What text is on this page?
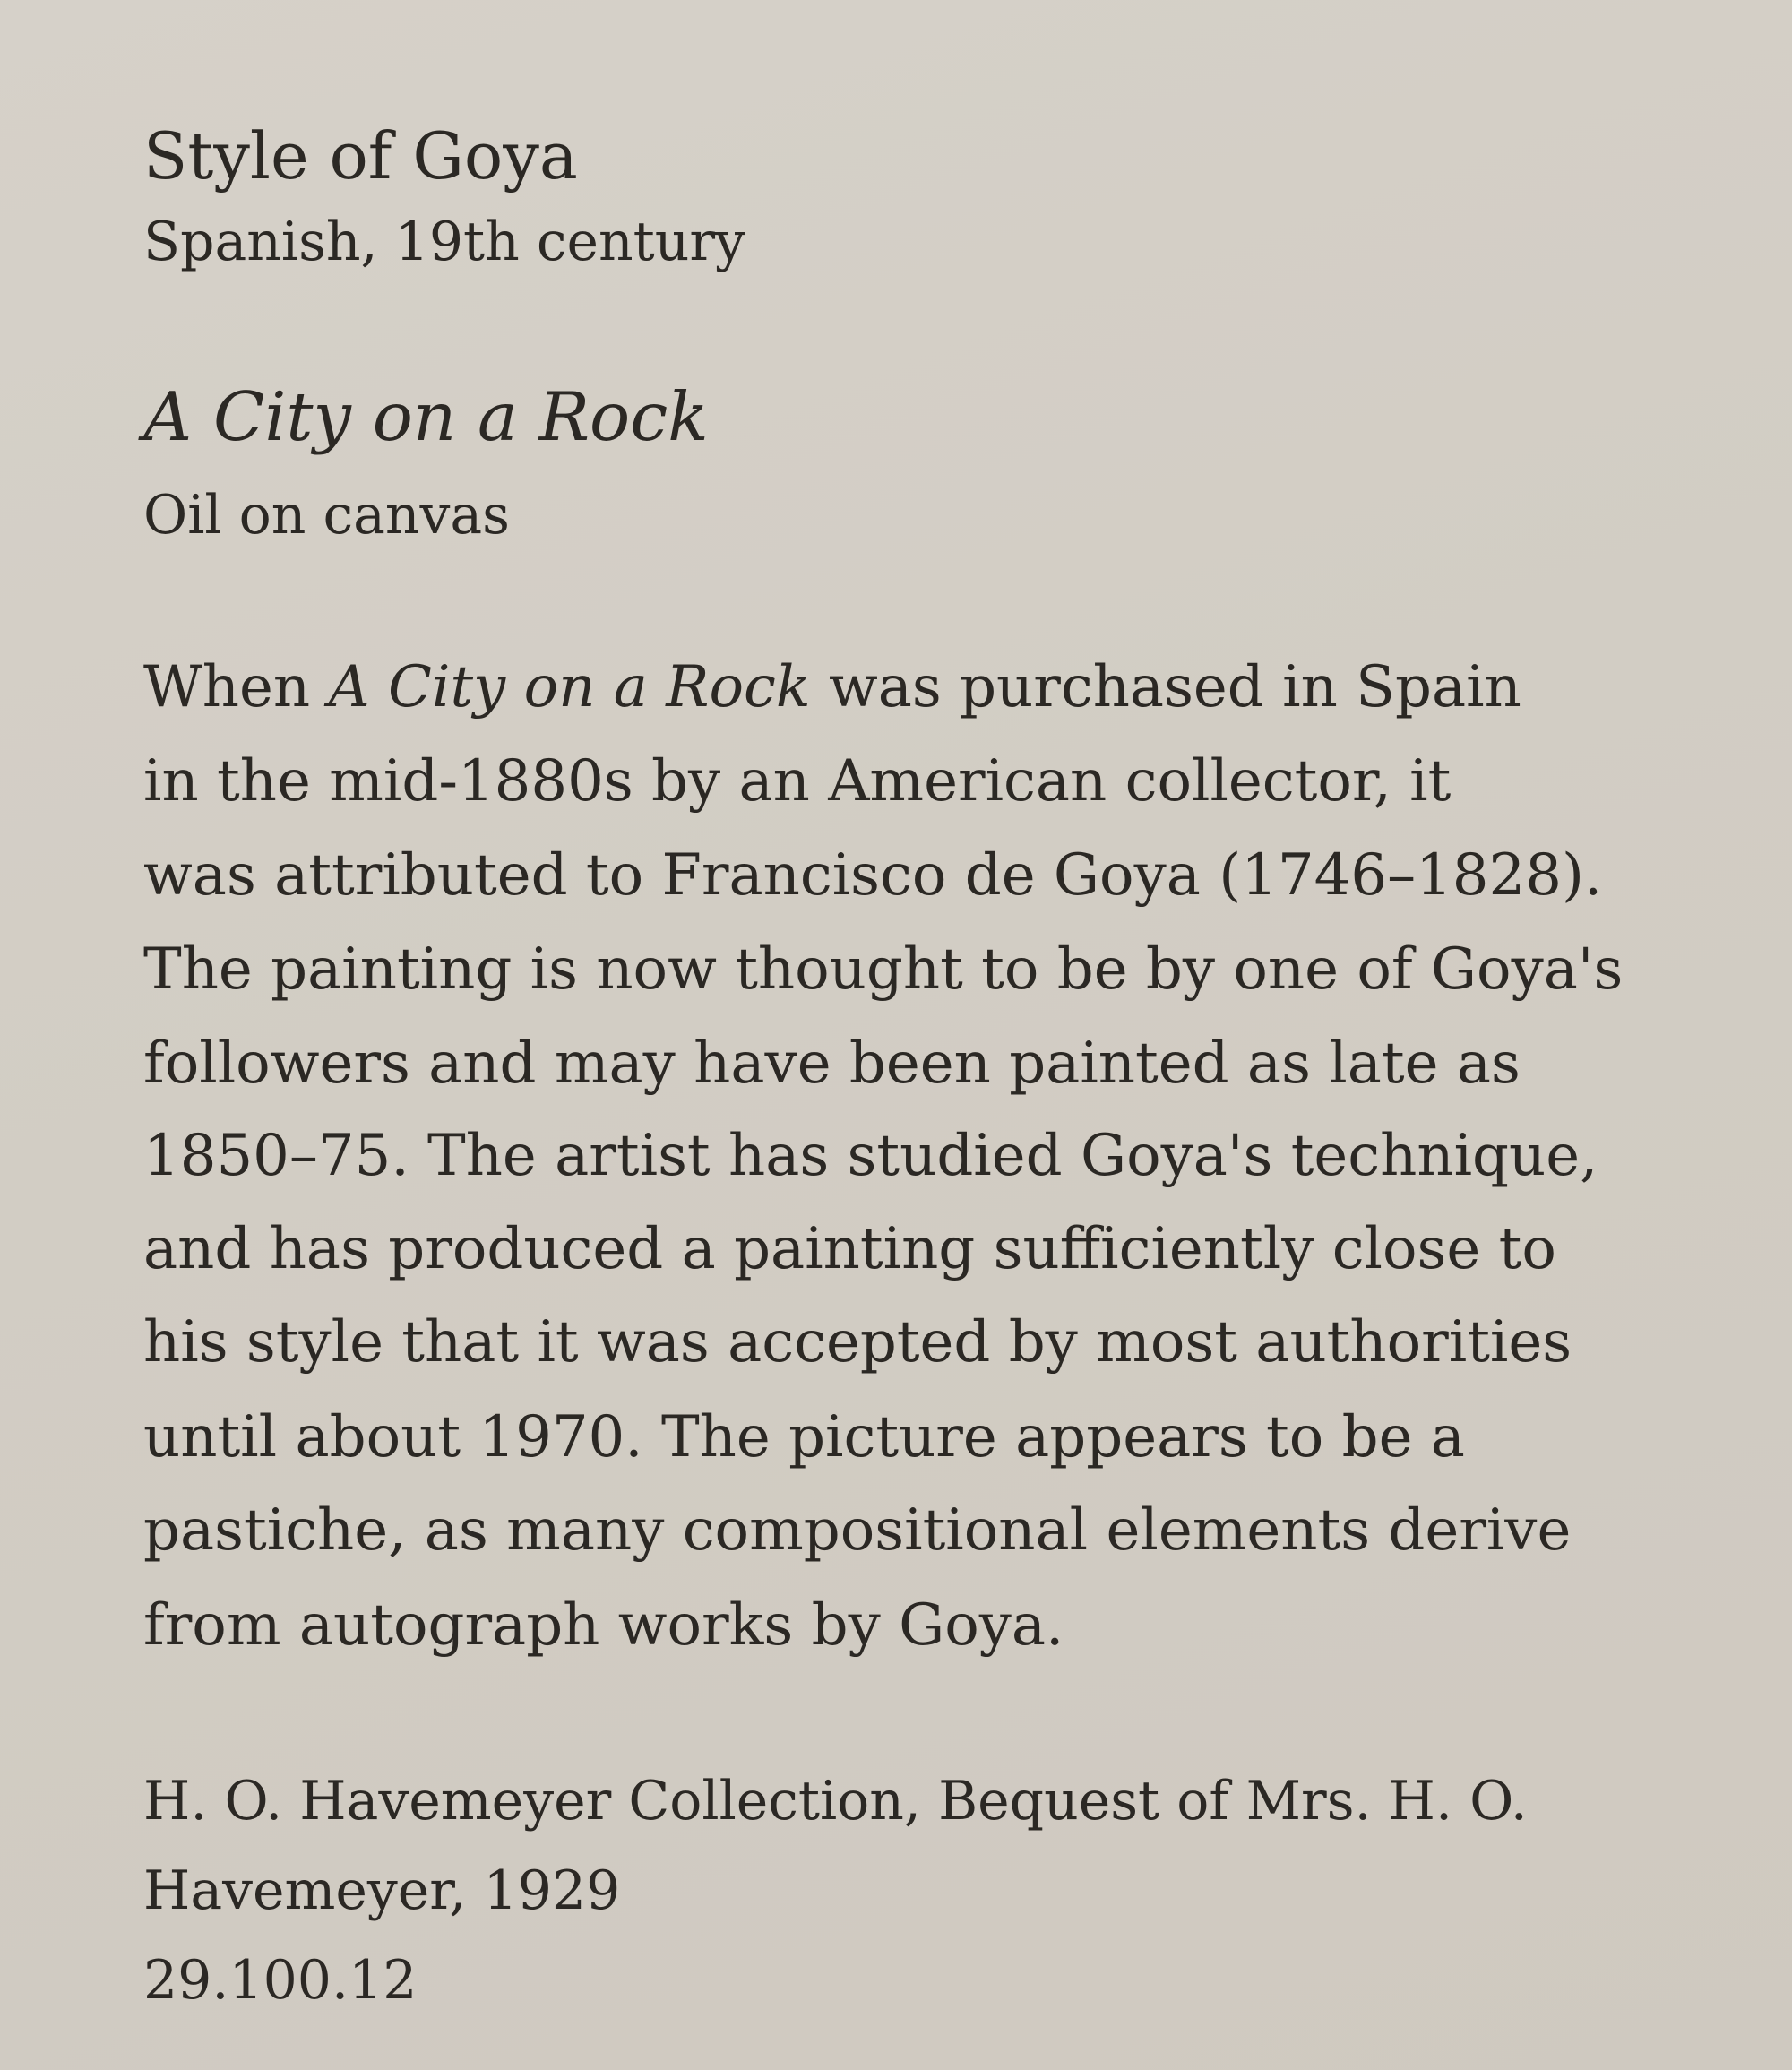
Style of Goya
Spanish, 19th century
A City on a Rock
Oil on canvas
When A City on a Rock was purchased in Spain
in the mid-1880s by an American collector, it
was attributed to Francisco de Goya (1746–1828).
The painting is now thought to be by one of Goya's
followers and may have been painted as late as
1850–75. The artist has studied Goya's technique,
and has produced a painting sufficiently close to
his style that it was accepted by most authorities
until about 1970. The picture appears to be a
pastiche, as many compositional elements derive
from autograph works by Goya.
H. O. Havemeyer Collection, Bequest of Mrs. H. O.
Havemeyer, 1929
29.100.12
